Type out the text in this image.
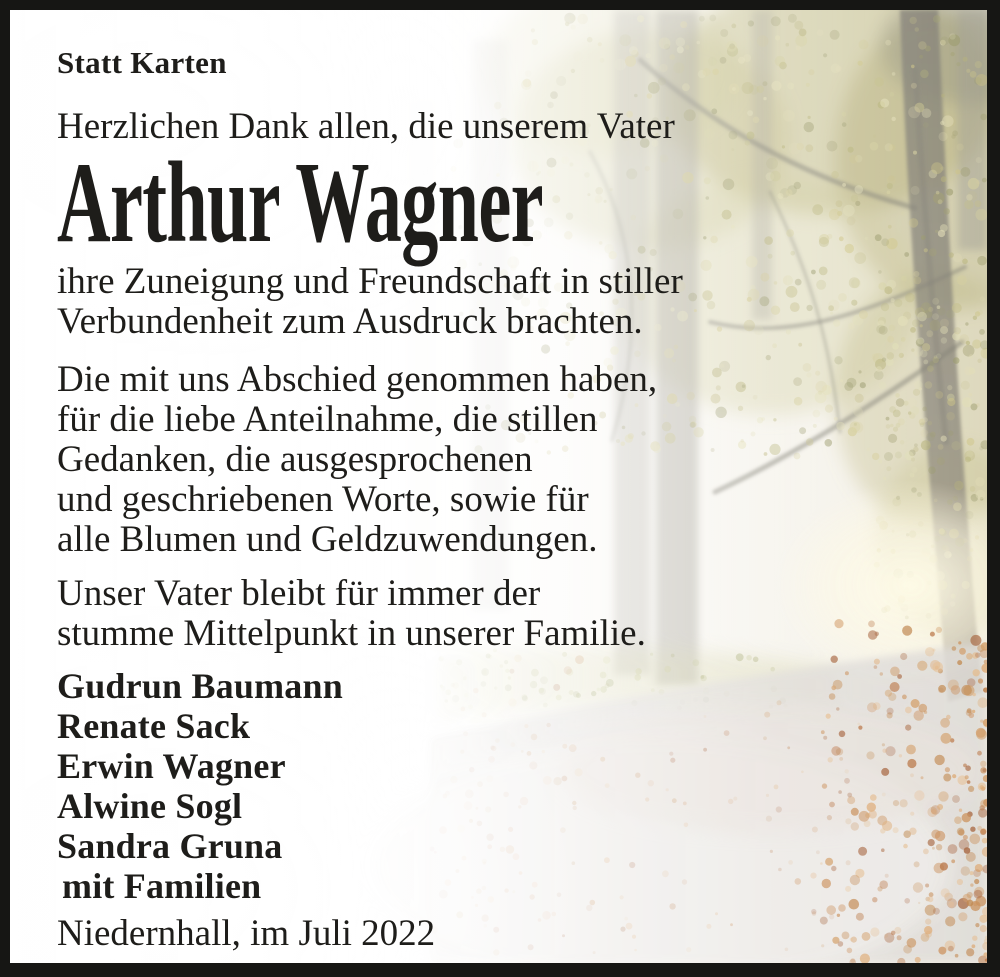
Statt Karten
Herzlichen Dank allen, die unserem Vater
Arthur Wagner
ihre Zuneigung und Freundschaft in stiller
Verbundenheit zum Ausdruck brachten.
Die mit uns Abschied genommen haben,
für die liebe Anteilnahme, die stillen
Gedanken, die ausgesprochenen
und geschriebenen Worte, sowie für
alle Blumen und Geldzuwendungen.
Unser Vater bleibt für immer der
stumme Mittelpunkt in unserer Familie.
Gudrun Baumann
Renate Sack
Erwin Wagner
Alwine Sogl
Sandra Gruna
mit Familien
Niedernhall, im Juli 2022
